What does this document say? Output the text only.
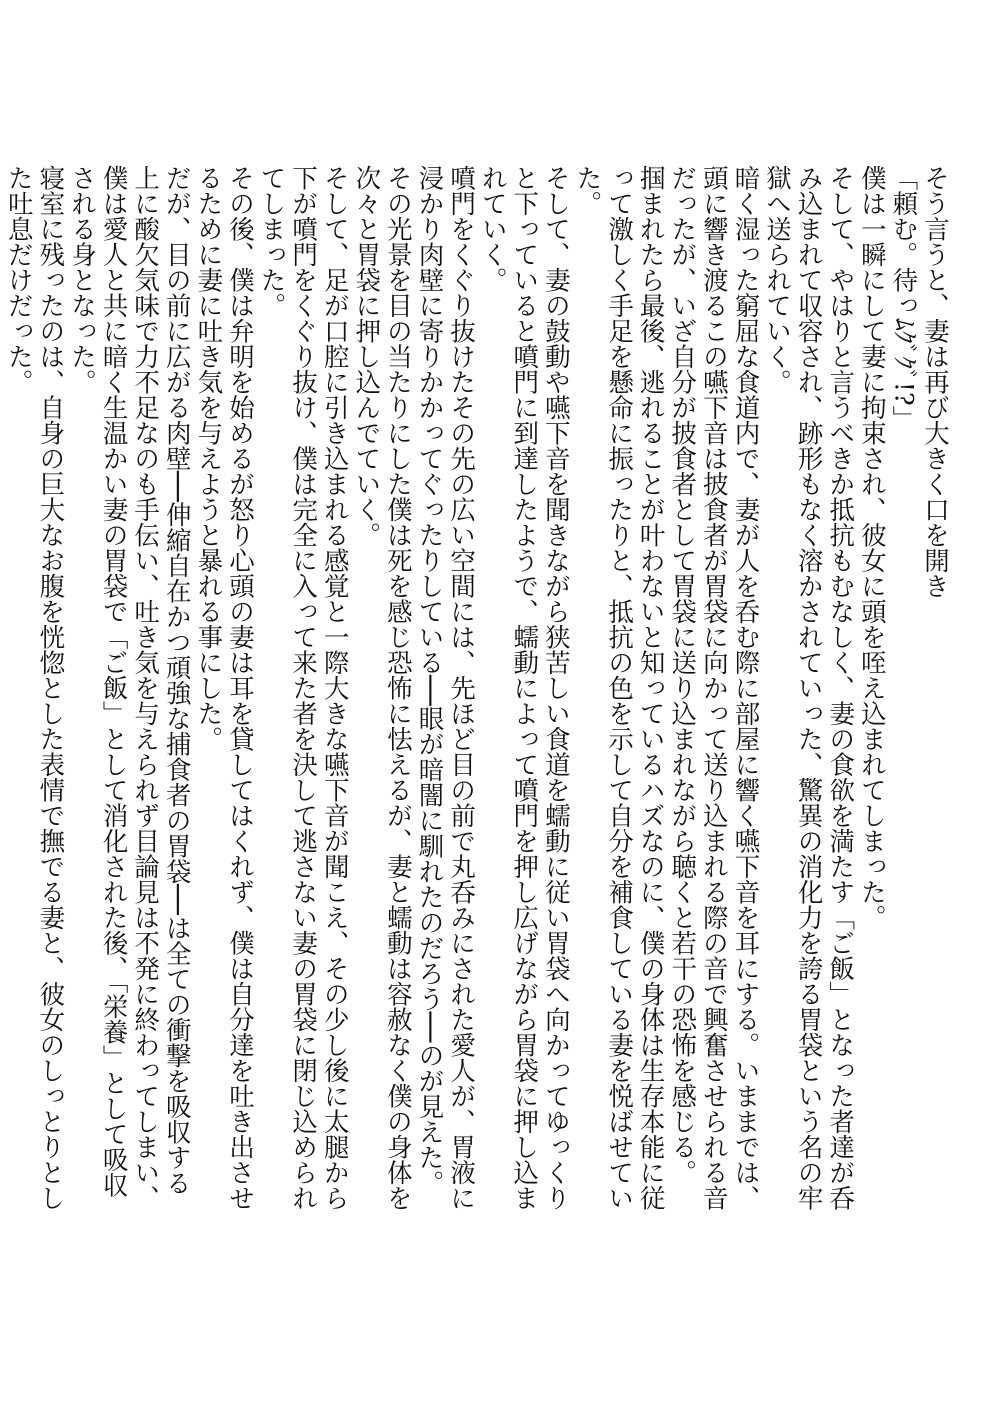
そう言うと、妻は再び大きく口を開き

「頼む。待っﾑｸﾞｸﾞ!?」

僕は一瞬にして妻に拘束され、彼女に頭を咥え込まれてしまった。

そして、やはりと言うべきか抵抗もむなしく、妻の食欲を満たす「ご飯」となった者達が呑み込まれて収容され、跡形もなく溶かされていった、驚異の消化力を誇る胃袋という名の牢獄へ送られていく。

暗く湿った窮屈な食道内で、妻が人を呑む際に部屋に響く嚥下音を耳にする。いままでは、頭に響き渡るこの嚥下音は披食者が胃袋に向かって送り込まれる際の音で興奮させられる音だったが、いざ自分が披食者として胃袋に送り込まれながら聴くと若干の恐怖を感じる。

掴まれたら最後、逃れることが叶わないと知っているハズなのに、僕の身体は生存本能に従って激しく手足を懸命に振ったりと、抵抗の色を示して自分を補食している妻を悦ばせていた。

そして、妻の鼓動や嚥下音を聞きながら狭苦しい食道を蠕動に従い胃袋へ向かってゆっくりと下っていると噴門に到達したようで、蠕動によって噴門を押し広げながら胃袋に押し込まれていく。

噴門をくぐり抜けたその先の広い空間には、先ほど目の前で丸呑みにされた愛人が、胃液に浸かり肉壁に寄りかかってぐったりしている──眼が暗闇に馴れたのだろう──のが見えた。その光景を目の当たりにした僕は死を感じ恐怖に怯えるが、妻と蠕動は容赦なく僕の身体を次々と胃袋に押し込んでていく。

そして、足が口腔に引き込まれる感覚と一際大きな嚥下音が聞こえ、その少し後に太腿から下が噴門をくぐり抜け、僕は完全に入って来た者を決して逃さない妻の胃袋に閉じ込められてしまった。

その後、僕は弁明を始めるが怒り心頭の妻は耳を貸してはくれず、僕は自分達を吐き出させるために妻に吐き気を与えようと暴れる事にした。

だが、目の前に広がる肉壁──伸縮自在かつ頑強な捕食者の胃袋──は全ての衝撃を吸収する上に酸欠気味で力不足なのも手伝い、吐き気を与えられず目論見は不発に終わってしまい、僕は愛人と共に暗く生温かい妻の胃袋で「ご飯」として消化された後、「栄養」として吸収される身となった。

寝室に残ったのは、自身の巨大なお腹を恍惚とした表情で撫でる妻と、彼女のしっとりとした吐息だけだった。
